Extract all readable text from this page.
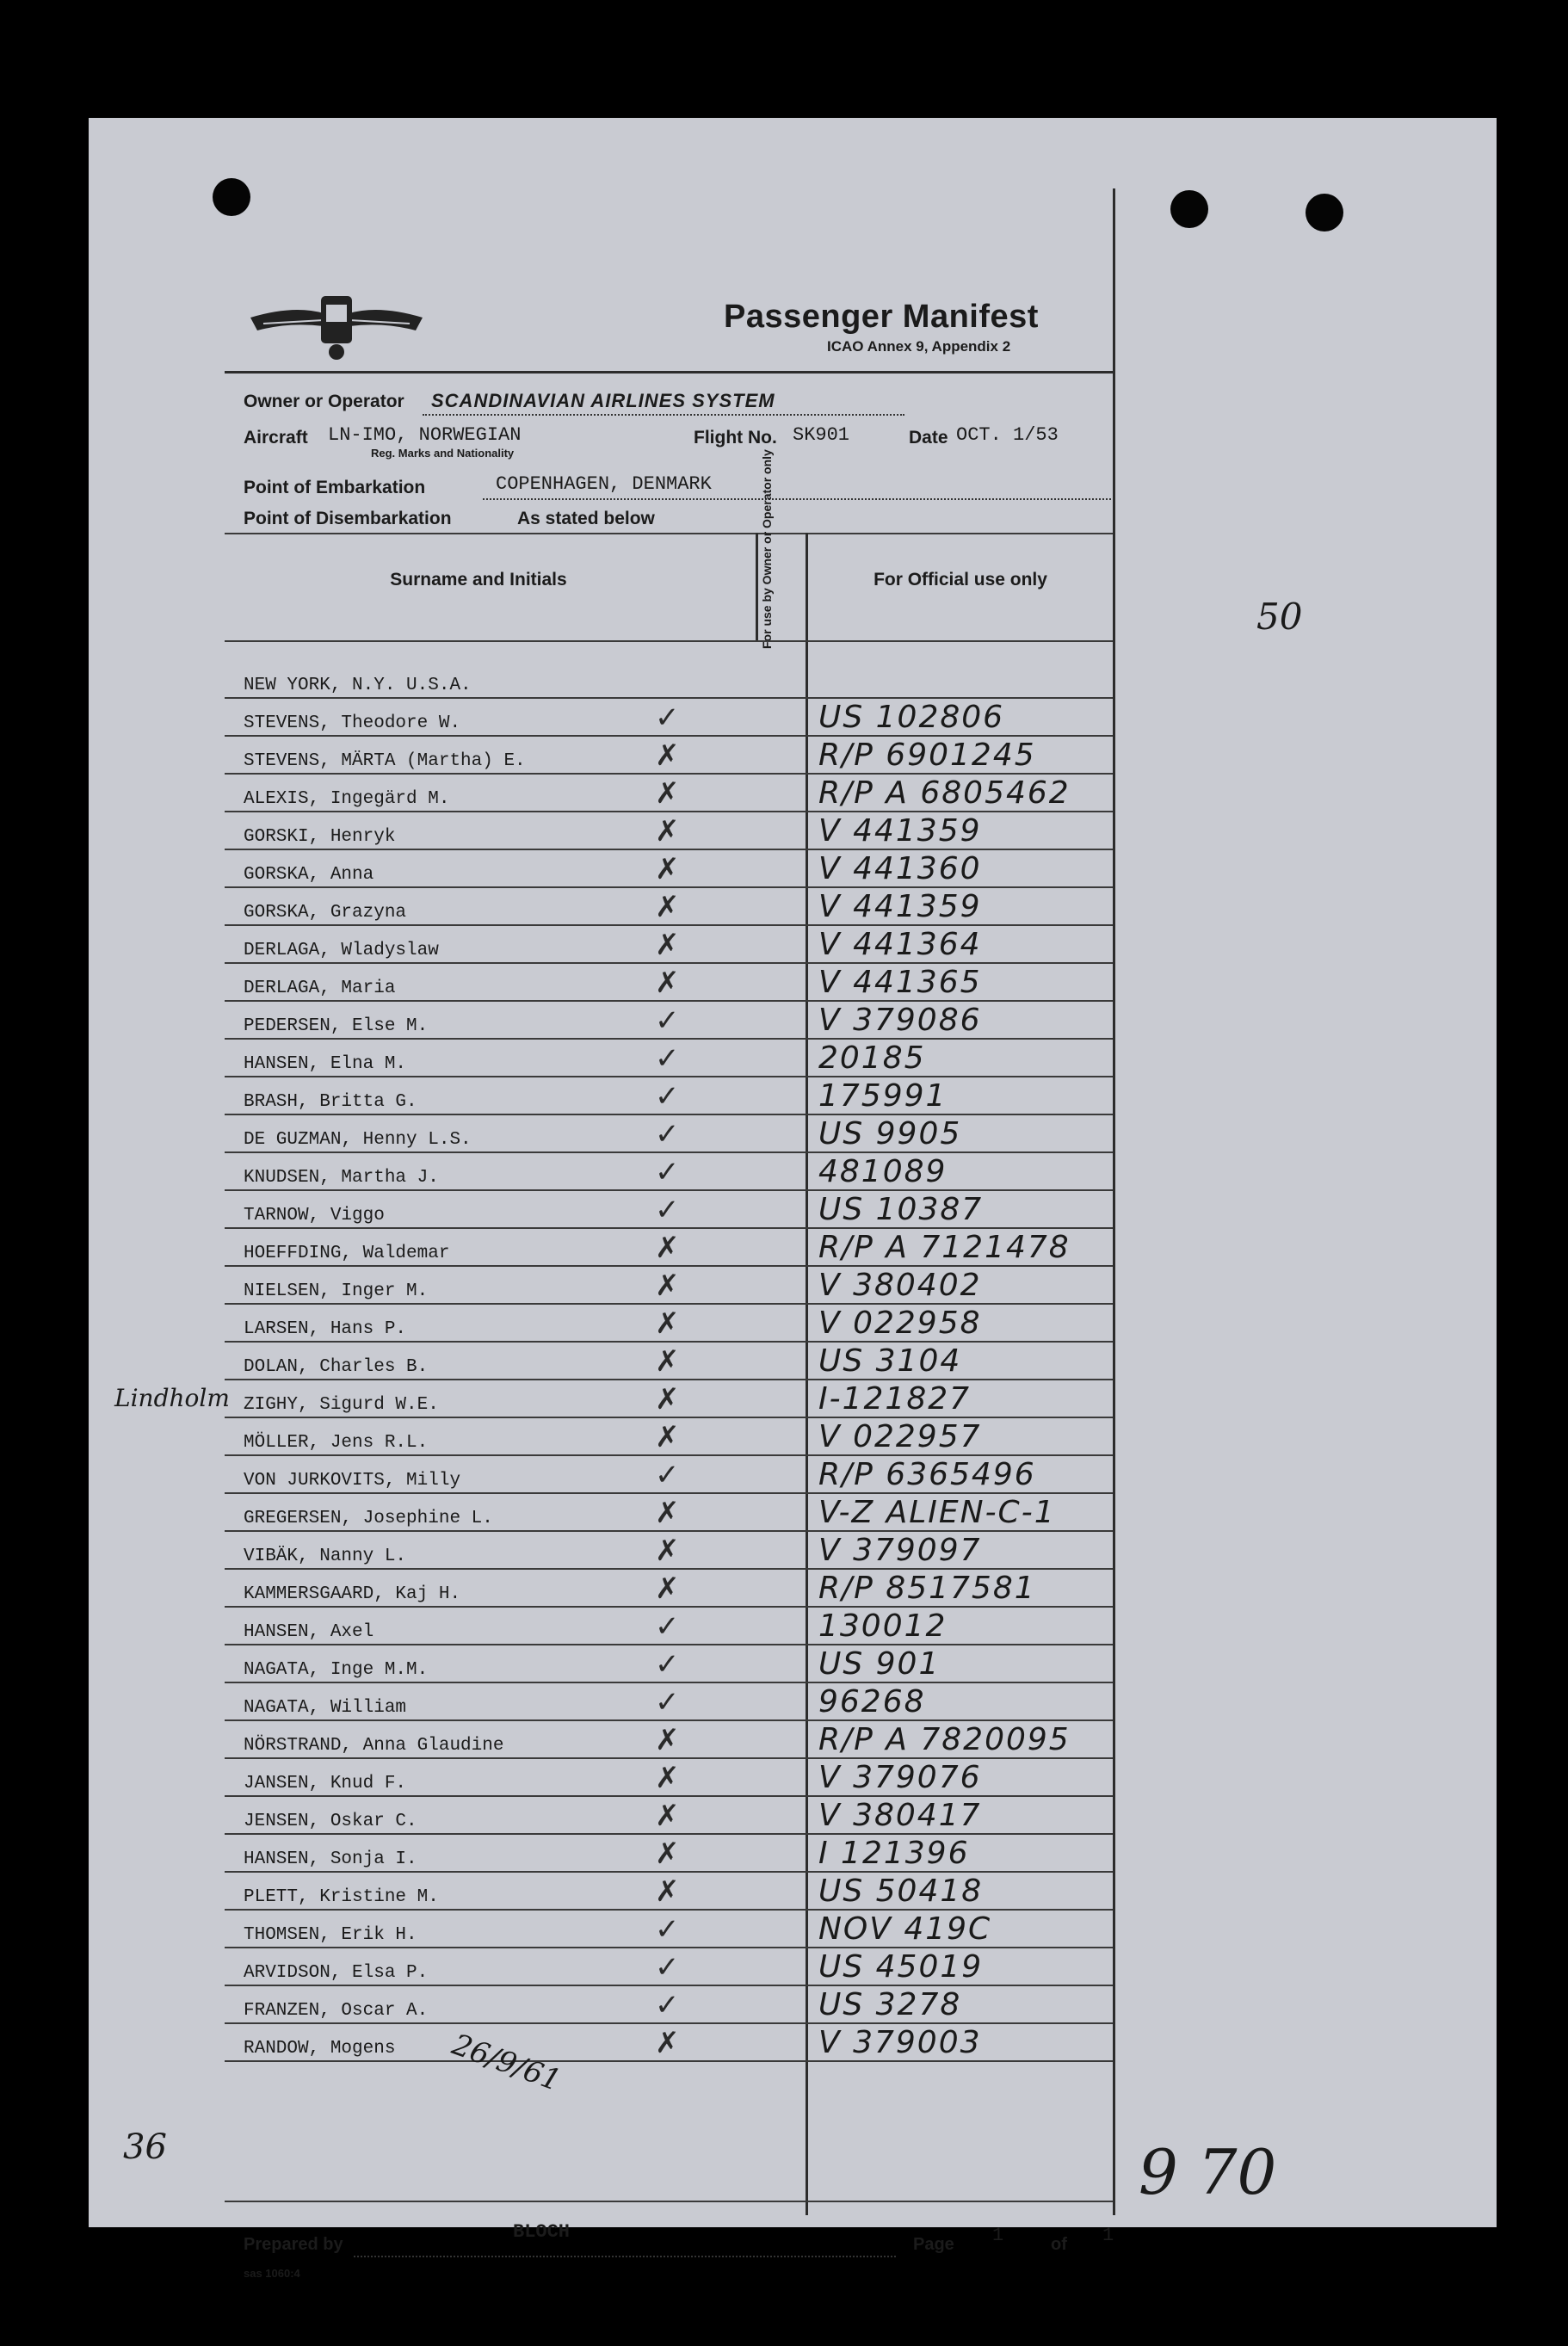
Passenger Manifest
ICAO Annex 9, Appendix 2
Owner or Operator SCANDINAVIAN AIRLINES SYSTEM
Aircraft LN-IMO, NORWEGIAN
Reg. Marks and Nationality
Flight No. SK901	Date OCT. 1/53
Point of Embarkation	COPENHAGEN, DENMARK
Point of Disembarkation	As stated below
Surname and Initials	For Official use only
For use by Owner or Operator only
NEW YORK, N.Y. U.S.A.
STEVENS, Theodore W.	✓	US 102806
STEVENS, MÄRTA (Martha) E.	✗	R/P 6901245
ALEXIS, Ingegärd M.	✗	R/P A 6805462
GORSKI, Henryk	✗	V 441359
GORSKA, Anna	✗	V 441360
GORSKA, Grazyna	✗	V 441359
DERLAGA, Wladyslaw	✗	V 441364
DERLAGA, Maria	✗	V 441365
PEDERSEN, Else M.	✓	V 379086
HANSEN, Elna M.	✓	20185
BRASH, Britta G.	✓	175991
DE GUZMAN, Henny L.S.	✓	US 9905
KNUDSEN, Martha J.	✓	481089
TARNOW, Viggo	✓	US 10387
HOEFFDING, Waldemar	✗	R/P A 7121478
NIELSEN, Inger M.	✗	V 380402
LARSEN, Hans P.	✗	V 022958
DOLAN, Charles B.	✗	US 3104
ZIGHY, Sigurd W.E.	✗	I-121827
MÖLLER, Jens R.L.	✗	V 022957
VON JURKOVITS, Milly	✓	R/P 6365496
GREGERSEN, Josephine L.	✗	V-Z ALIEN-C-1
VIBÄK, Nanny L.	✗	V 379097
KAMMERSGAARD, Kaj H.	✗	R/P 8517581
HANSEN, Axel	✓	130012
NAGATA, Inge M.M.	✓	US 901
NAGATA, William	✓	96268
NÖRSTRAND, Anna Glaudine	✗	R/P A 7820095
JANSEN, Knud F.	✗	V 379076
JENSEN, Oskar C.	✗	V 380417
HANSEN, Sonja I.	✗	I 121396
PLETT, Kristine M.	✗	US 50418
THOMSEN, Erik H.	✓	NOV 419C
ARVIDSON, Elsa P.	✓	US 45019
FRANZEN, Oscar A.	✓	US 3278
RANDOW, Mogens	✗	V 379003
Prepared by
BLOCH
Page 1	of 1
sas 1060:4
50
Lindholm
36
26/9/61
9 70
